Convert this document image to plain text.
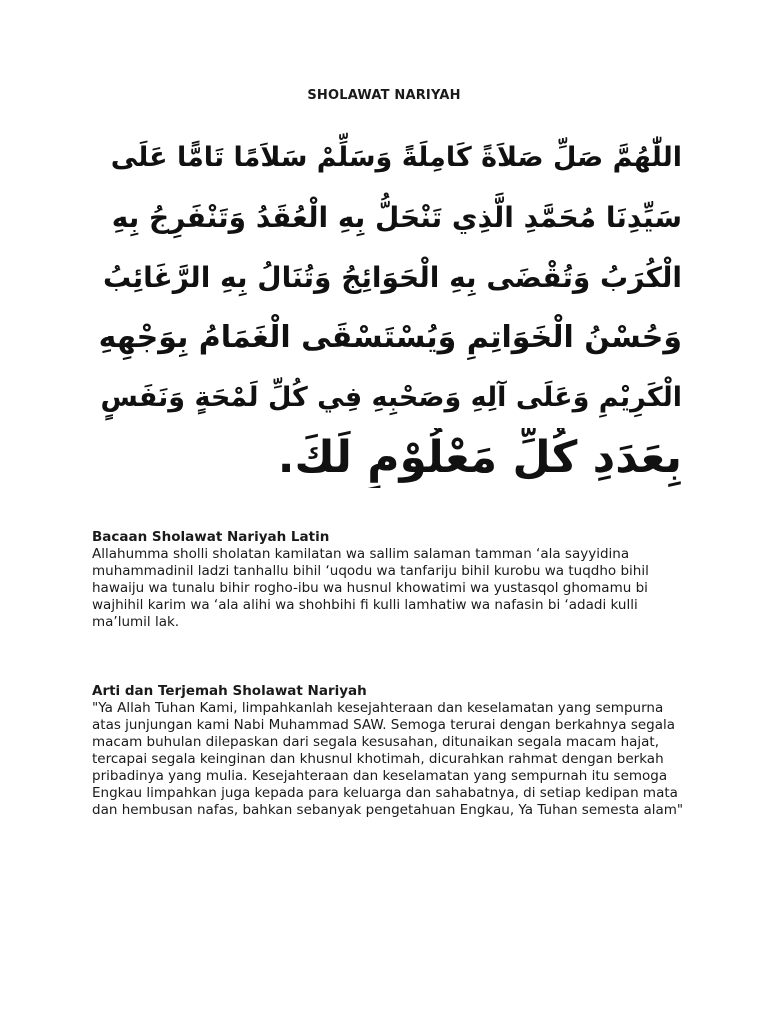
SHOLAWAT NARIYAH
اللّٰهُمَّ صَلِّ صَلاَةً كَامِلَةً وَسَلِّمْ سَلاَمًا تَامًّا عَلَى
سَيِّدِنَا مُحَمَّدِ الَّذِي تَنْحَلُّ بِهِ الْعُقَدُ وَتَنْفَرِجُ بِهِ
الْكُرَبُ وَتُقْضَى بِهِ الْحَوَائِجُ وَتُنَالُ بِهِ الرَّغَائِبُ
وَحُسْنُ الْخَوَاتِمِ وَيُسْتَسْقَى الْغَمَامُ بِوَجْهِهِ
الْكَرِيْمِ وَعَلَى آلِهِ وَصَحْبِهِ فِي كُلِّ لَمْحَةٍ وَنَفَسٍ
بِعَدَدِ كُلِّ مَعْلُوْمٍ لَكَ.

Bacaan Sholawat Nariyah Latin

Allahumma sholli sholatan kamilatan wa sallim salaman tamman ‘ala sayyidina muhammadinil ladzi tanhallu bihil ‘uqodu wa tanfariju bihil kurobu wa tuqdho bihil hawaiju wa tunalu bihir rogho-ibu wa husnul khowatimi wa yustasqol ghomamu bi wajhihil karim wa ‘ala alihi wa shohbihi fi kulli lamhatiw wa nafasin bi ‘adadi kulli ma’lumil lak.

Arti dan Terjemah Sholawat Nariyah

"Ya Allah Tuhan Kami, limpahkanlah kesejahteraan dan keselamatan yang sempurna atas junjungan kami Nabi Muhammad SAW. Semoga terurai dengan berkahnya segala macam buhulan dilepaskan dari segala kesusahan, ditunaikan segala macam hajat, tercapai segala keinginan dan khusnul khotimah, dicurahkan rahmat dengan berkah pribadinya yang mulia. Kesejahteraan dan keselamatan yang sempurnah itu semoga Engkau limpahkan juga kepada para keluarga dan sahabatnya, di setiap kedipan mata dan hembusan nafas, bahkan sebanyak pengetahuan Engkau, Ya Tuhan semesta alam"
